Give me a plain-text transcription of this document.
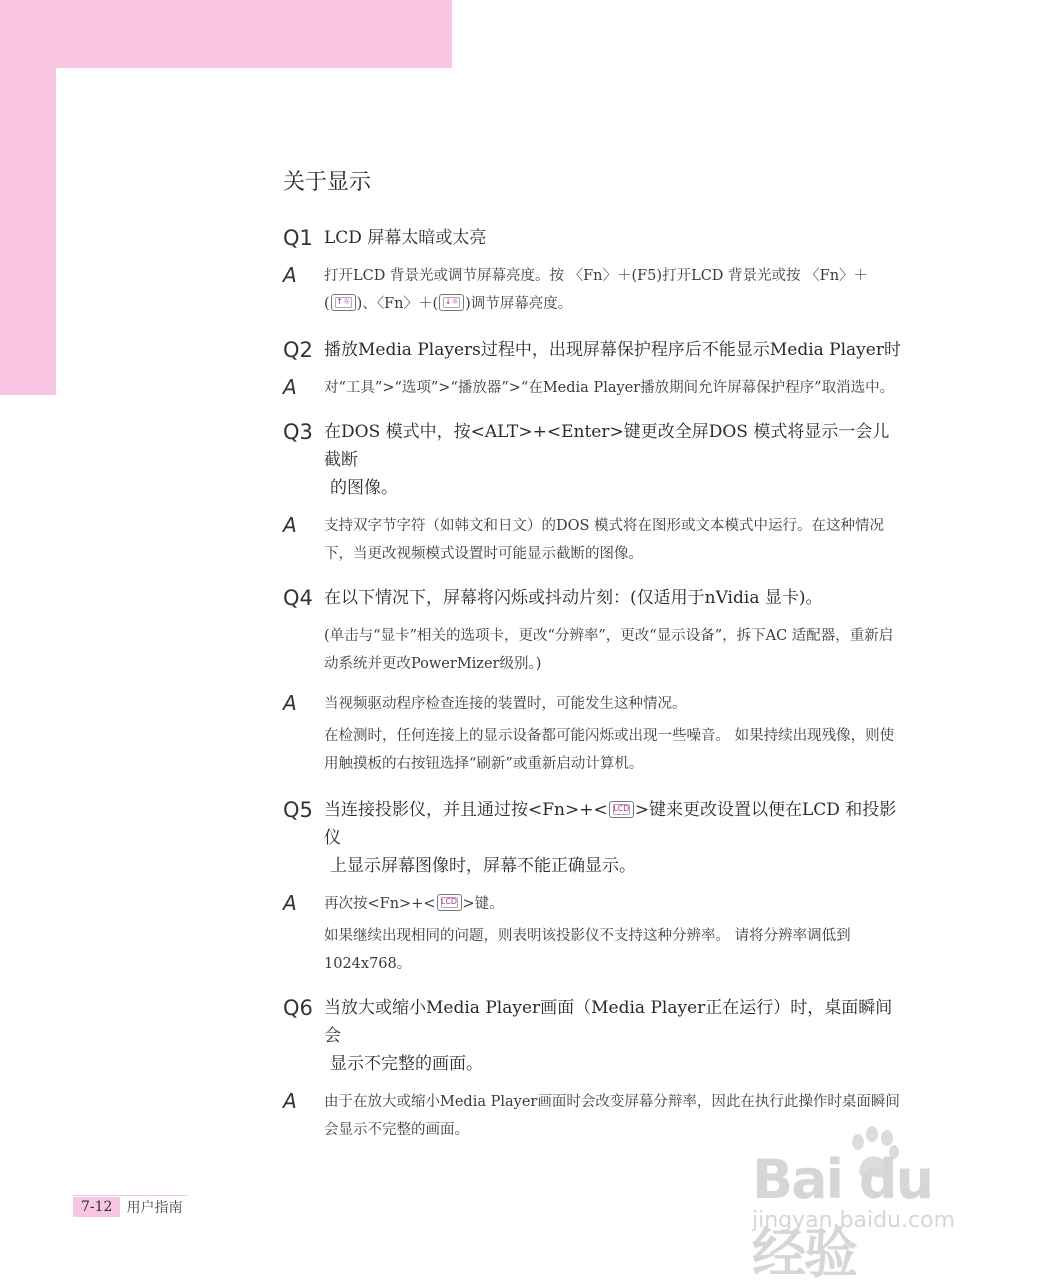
关于显示
Q1 LCD 屏幕太暗或太亮
A 打开LCD 背景光或调节屏幕亮度。按 〈Fn〉＋(F5)打开LCD 背景光或按 〈Fn〉＋
( ↑☼ )、〈Fn〉＋( ↓☼ )调节屏幕亮度。
Q2 播放Media Players过程中，出现屏幕保护程序后不能显示Media Player时
A 对“工具”>“选项”>“播放器”>“在Media Player播放期间允许屏幕保护程序”取消选中。
Q3 在DOS 模式中，按<ALT>+<Enter>键更改全屏DOS 模式将显示一会儿截断
的图像。
A 支持双字节字符（如韩文和日文）的DOS 模式将在图形或文本模式中运行。在这种情况下，当更改视频模式设置时可能显示截断的图像。
Q4 在以下情况下，屏幕将闪烁或抖动片刻：(仅适用于nVidia 显卡)。
(单击与“显卡”相关的选项卡，更改“分辨率”，更改“显示设备”，拆下AC 适配器，重新启动系统并更改PowerMizer级别。)
A 当视频驱动程序检查连接的装置时，可能发生这种情况。
在检测时，任何连接上的显示设备都可能闪烁或出现一些噪音。 如果持续出现残像，则使用触摸板的右按钮选择“刷新”或重新启动计算机。
Q5 当连接投影仪，并且通过按<Fn>+< LCD >键来更改设置以便在LCD 和投影仪
上显示屏幕图像时，屏幕不能正确显示。
A 再次按<Fn>+< LCD >键。
如果继续出现相同的问题，则表明该投影仪不支持这种分辨率。 请将分辨率调低到1024x768。
Q6 当放大或缩小Media Player画面（Media Player正在运行）时，桌面瞬间会
显示不完整的画面。
A 由于在放大或缩小Media Player画面时会改变屏幕分辩率，因此在执行此操作时桌面瞬间会显示不完整的画面。
7-12	用户指南	Bai du 经验
jingyan.baidu.com
